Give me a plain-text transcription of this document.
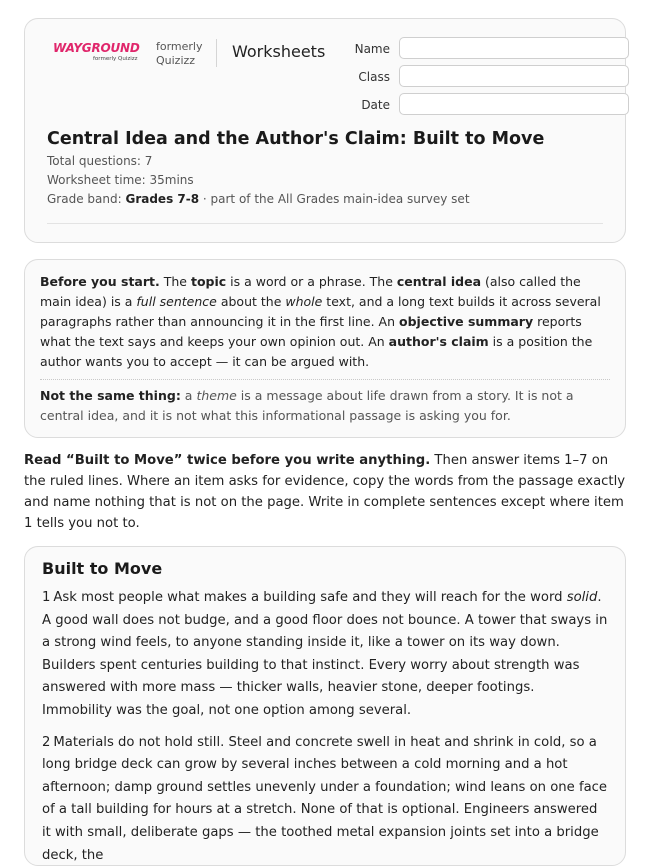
WAYGROUND
formerly Quizizz
formerly Quizizz	Worksheets	Name
Class
Date
Central Idea and the Author's Claim: Built to Move
Total questions: 7
Worksheet time: 35mins
Grade band: Grades 7-8 · part of the All Grades main-idea survey set

Before you start. The topic is a word or a phrase. The central idea (also called the main idea) is a full sentence about the whole text, and a long text builds it across several paragraphs rather than announcing it in the first line. An objective summary reports what the text says and keeps your own opinion out. An author's claim is a position the author wants you to accept — it can be argued with.

Not the same thing: a theme is a message about life drawn from a story. It is not a central idea, and it is not what this informational passage is asking you for.

Read “Built to Move” twice before you write anything. Then answer items 1–7 on the ruled lines. Where an item asks for evidence, copy the words from the passage exactly and name nothing that is not on the page. Write in complete sentences except where item 1 tells you not to.

Built to Move

1 Ask most people what makes a building safe and they will reach for the word solid. A good wall does not budge, and a good floor does not bounce. A tower that sways in a strong wind feels, to anyone standing inside it, like a tower on its way down. Builders spent centuries building to that instinct. Every worry about strength was answered with more mass — thicker walls, heavier stone, deeper footings. Immobility was the goal, not one option among several.

2 Materials do not hold still. Steel and concrete swell in heat and shrink in cold, so a long bridge deck can grow by several inches between a cold morning and a hot afternoon; damp ground settles unevenly under a foundation; wind leans on one face of a tall building for hours at a stretch. None of that is optional. Engineers answered it with small, deliberate gaps — the toothed metal expansion joints set into a bridge deck, the
